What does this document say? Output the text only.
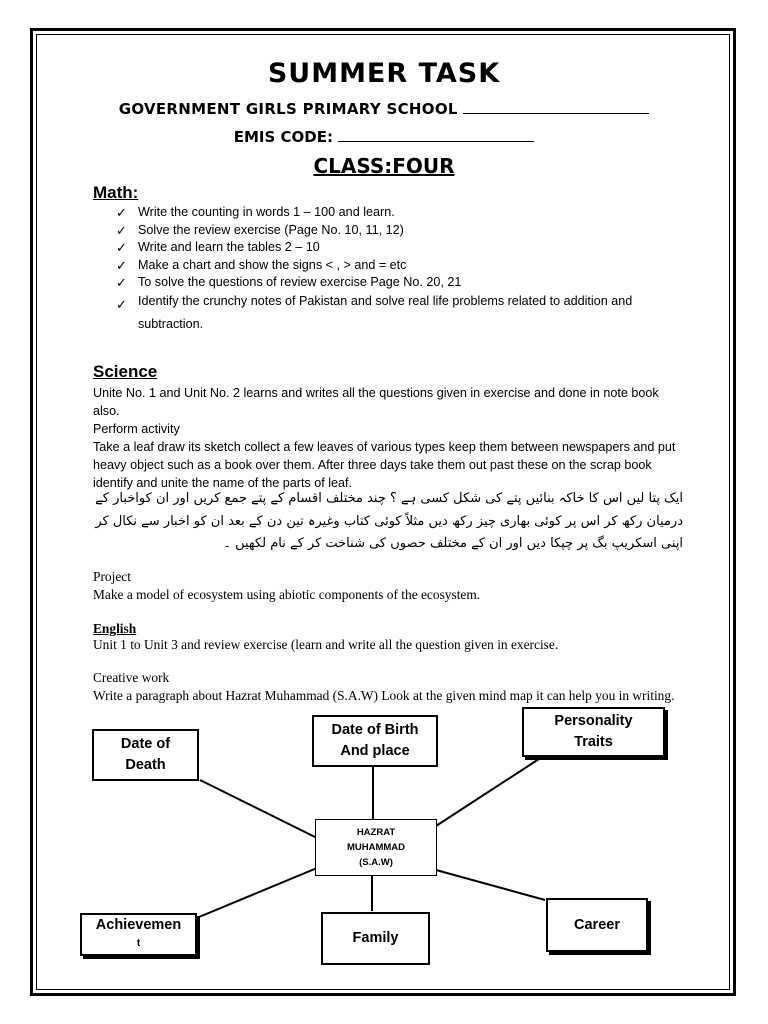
SUMMER TASK
GOVERNMENT GIRLS PRIMARY SCHOOL
EMIS CODE:
CLASS:FOUR
Math:
✓ Write the counting in words 1 – 100 and learn.
✓ Solve the review exercise (Page No. 10, 11, 12)
✓ Write and learn the tables 2 – 10
✓ Make a chart and show the signs < , > and = etc
✓ To solve the questions of review exercise Page No. 20, 21
✓ Identify the crunchy notes of Pakistan and solve real life problems related to addition and subtraction.
Science
Unite No. 1 and Unit No. 2 learns and writes all the questions given in exercise and done in note book also.
Perform activity
Take a leaf draw its sketch collect a few leaves of various types keep them between newspapers and put heavy object such as a book over them. After three days take them out past these on the scrap book identify and unite the name of the parts of leaf.
ایک پتا لیں اس کا خاکہ بنائیں پتے کی شکل کسی ہے ؟ چند مختلف اقسام کے پتے جمع کریں اور ان کواخبار کے درمیان رکھ کر اس پر کوئی بھاری چیز رکھ دیں مثلاً کوئی کتاب وغیرہ تین دن کے بعد ان کو اخبار سے نکال کر اپنی اسکریپ بگ پر چپکا دیں اور ان کے مختلف حصوں کی شناخت کر کے نام لکھیں ۔
Project
Make a model of ecosystem using abiotic components of the ecosystem.
English
Unit 1 to Unit 3 and review exercise (learn and write all the question given in exercise.
Creative work
Write a paragraph about Hazrat Muhammad (S.A.W) Look at the given mind map it can help you in writing.
HAZRAT
MUHAMMAD
(S.A.W)
Date of
Death
Date of Birth
And place
Personality
Traits
Achievemen
t	Family
Career
